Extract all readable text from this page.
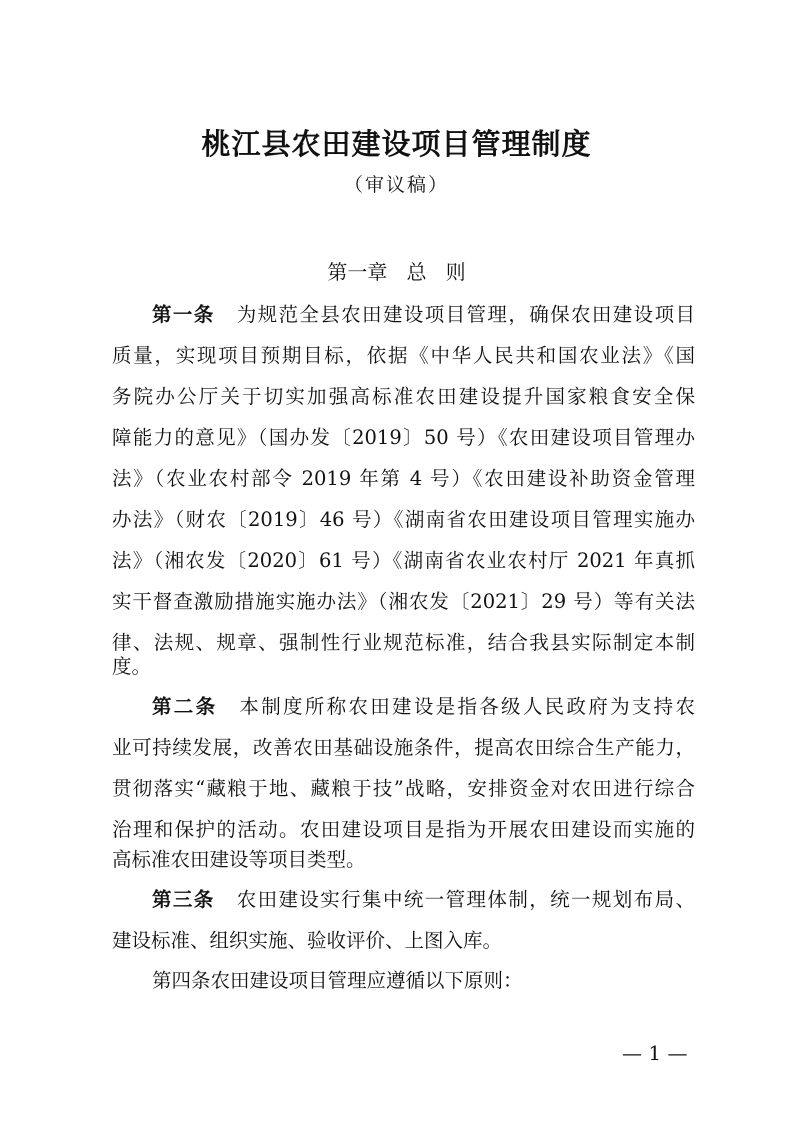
桃江县农田建设项目管理制度
（审议稿）
第一章   总   则
第一条 为规范全县农田建设项目管理，确保农田建设项目
质量，实现项目预期目标，依据《中华人民共和国农业法》《国
务院办公厅关于切实加强高标准农田建设提升国家粮食安全保
障能力的意见》（国办发〔2019〕50 号）《农田建设项目管理办
法》（农业农村部令 2019 年第 4 号）《农田建设补助资金管理
办法》（财农〔2019〕46 号）《湖南省农田建设项目管理实施办
法》（湘农发〔2020〕61 号）《湖南省农业农村厅 2021 年真抓
实干督查激励措施实施办法》（湘农发〔2021〕29 号）等有关法
律、法规、规章、强制性行业规范标准，结合我县实际制定本制
度。
第二条 本制度所称农田建设是指各级人民政府为支持农
业可持续发展，改善农田基础设施条件，提高农田综合生产能力，
贯彻落实“藏粮于地、藏粮于技”战略，安排资金对农田进行综合
治理和保护的活动。农田建设项目是指为开展农田建设而实施的
高标准农田建设等项目类型。
第三条 农田建设实行集中统一管理体制，统一规划布局、
建设标准、组织实施、验收评价、上图入库。
第四条农田建设项目管理应遵循以下原则：
— 1 —
